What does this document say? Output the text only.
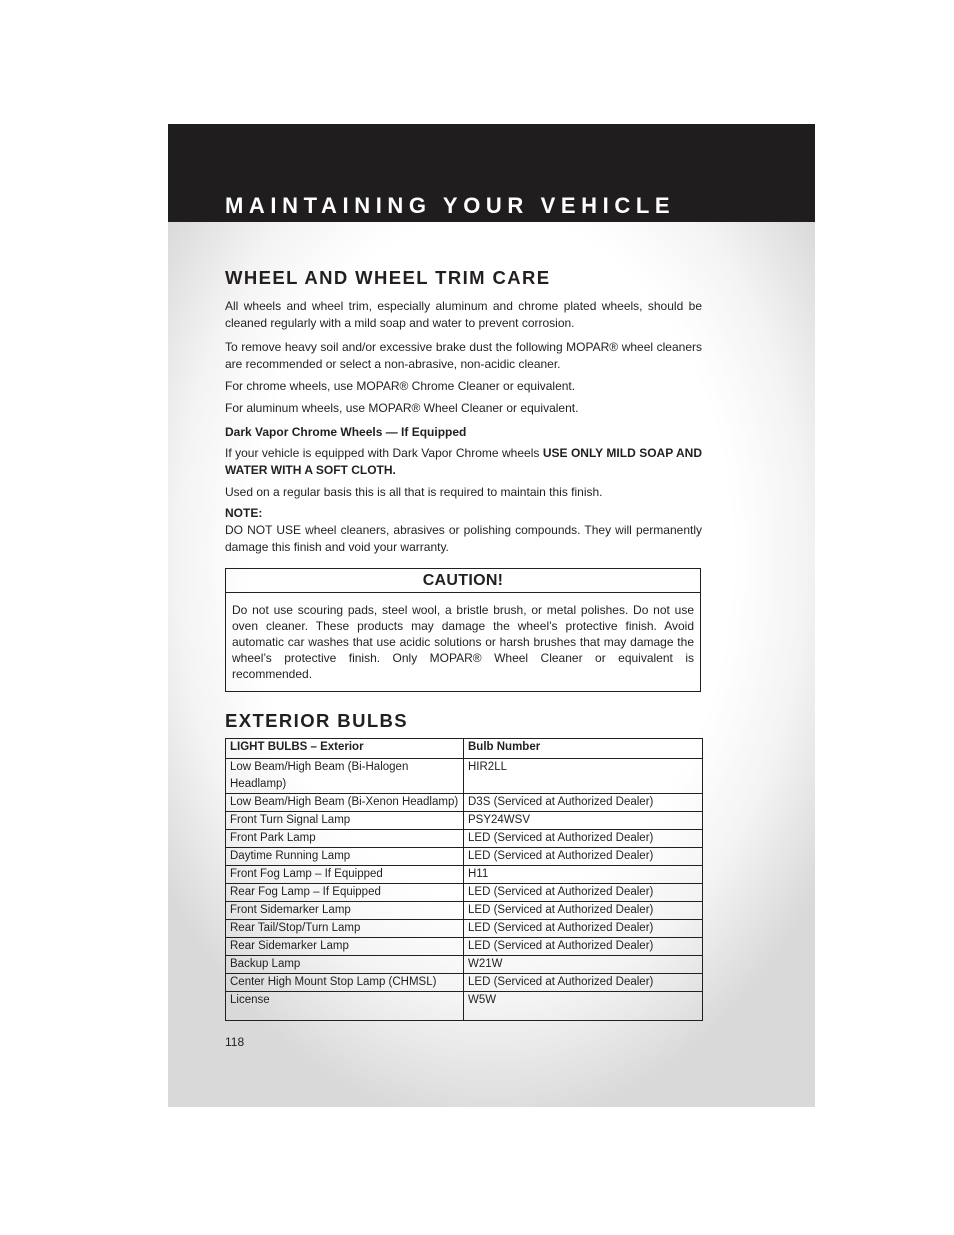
MAINTAINING YOUR VEHICLE
WHEEL AND WHEEL TRIM CARE

All wheels and wheel trim, especially aluminum and chrome plated wheels, should be cleaned regularly with a mild soap and water to prevent corrosion.

To remove heavy soil and/or excessive brake dust the following MOPAR® wheel cleaners are recommended or select a non-abrasive, non-acidic cleaner.

For chrome wheels, use MOPAR® Chrome Cleaner or equivalent.

For aluminum wheels, use MOPAR® Wheel Cleaner or equivalent.

Dark Vapor Chrome Wheels — If Equipped

If your vehicle is equipped with Dark Vapor Chrome wheels USE ONLY MILD SOAP AND WATER WITH A SOFT CLOTH.

Used on a regular basis this is all that is required to maintain this finish.

NOTE:

DO NOT USE wheel cleaners, abrasives or polishing compounds. They will permanently damage this finish and void your warranty.

CAUTION!
Do not use scouring pads, steel wool, a bristle brush, or metal polishes. Do not use oven cleaner. These products may damage the wheel’s protective finish. Avoid automatic car washes that use acidic solutions or harsh brushes that may damage the wheel’s protective finish. Only MOPAR® Wheel Cleaner or equivalent is recommended.
EXTERIOR BULBS
LIGHT BULBS – Exterior	Bulb Number
Low Beam/High Beam (Bi-Halogen Headlamp)	HIR2LL
Low Beam/High Beam (Bi-Xenon Headlamp)	D3S (Serviced at Authorized Dealer)
Front Turn Signal Lamp	PSY24WSV
Front Park Lamp	LED (Serviced at Authorized Dealer)
Daytime Running Lamp	LED (Serviced at Authorized Dealer)
Front Fog Lamp – If Equipped	H11
Rear Fog Lamp – If Equipped	LED (Serviced at Authorized Dealer)
Front Sidemarker Lamp	LED (Serviced at Authorized Dealer)
Rear Tail/Stop/Turn Lamp	LED (Serviced at Authorized Dealer)
Rear Sidemarker Lamp	LED (Serviced at Authorized Dealer)
Backup Lamp	W21W
Center High Mount Stop Lamp (CHMSL)	LED (Serviced at Authorized Dealer)
License	W5W
118
